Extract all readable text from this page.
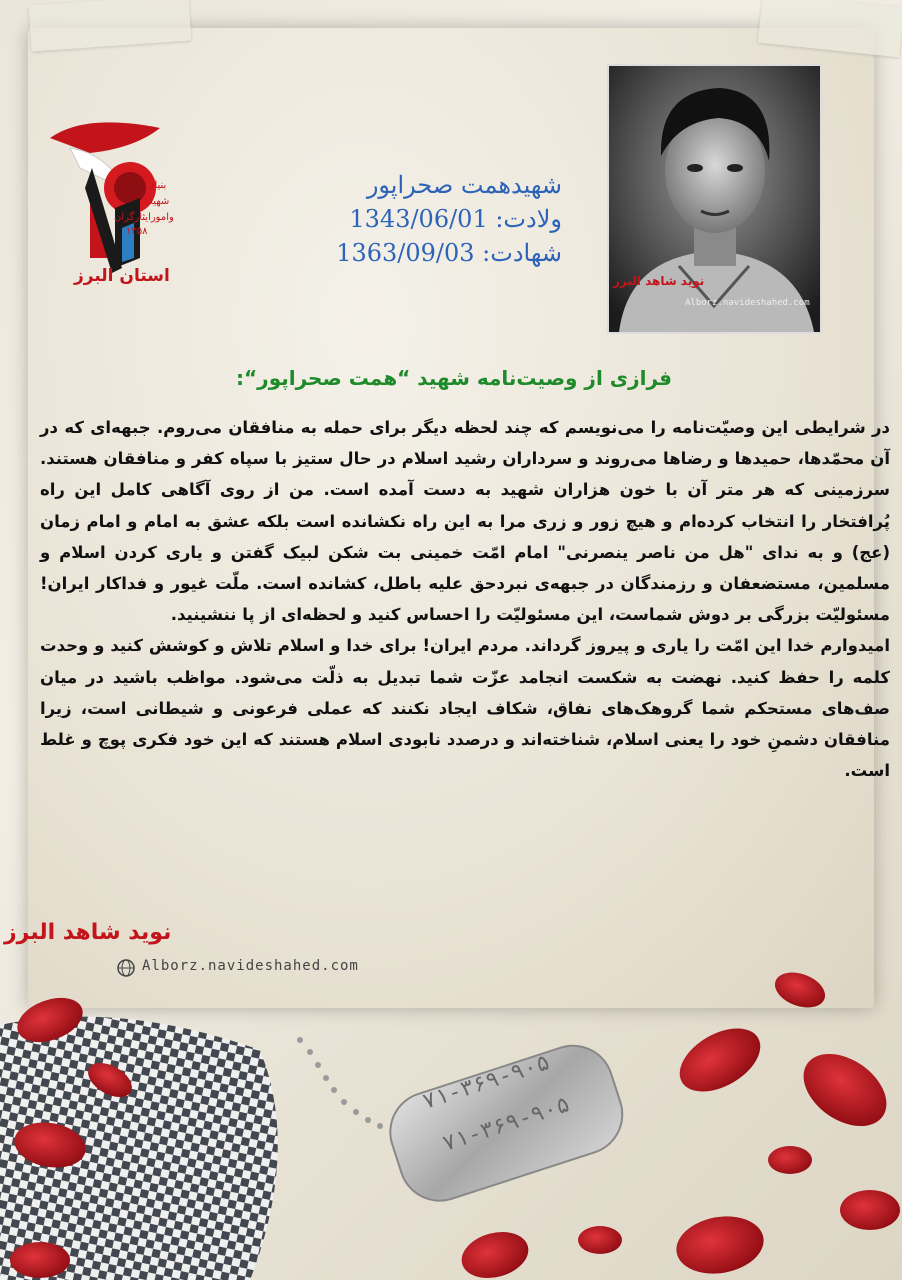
بنیاد
شهید
وامورایثارگران
۱۳۵۸
استان البرز	نوید شاهد البرز
Alborz.navideshahed.com
شهیدهمت صحراپور
ولادت: 1343/06/01
شهادت: 1363/09/03
فرازی از وصیت‌نامه شهید “همت صحراپور“:

در شرایطی این وصیّت‌نامه را می‌نویسم که چند لحظه دیگر برای حمله به منافقان می‌روم. جبهه‌ای که در آن محمّدها، حمیدها و رضاها می‌روند و سرداران رشید اسلام در حال ستیز با سپاه کفر و منافقان هستند. سرزمینی که هر متر آن با خون هزاران شهید به دست آمده است. من از روی آگاهی کامل این راه پُرافتخار را انتخاب کرده‌ام و هیچ زور و زری مرا به این راه نکشانده است بلکه عشق به امام و امام زمان (عج) و به ندای "هل من ناصر ینصرنی" امام امّت خمینی بت شکن لبیک گفتن و یاری کردن اسلام و مسلمین، مستضعفان و رزمندگان در جبهه‌ی نبردحق علیه باطل، کشانده است. ملّت غیور و فداکار ایران! مسئولیّت بزرگی بر دوش شماست، این مسئولیّت را احساس کنید و لحظه‌ای از پا ننشینید.

امیدوارم خدا این امّت را یاری و پیروز گرداند. مردم ایران! برای خدا و اسلام تلاش و کوشش کنید و وحدت کلمه را حفظ کنید. نهضت به شکست انجامد عزّت شما تبدیل به ذلّت می‌شود. مواظب باشید در میان صف‌های مستحکم شما گروهک‌های نفاق، شکاف ایجاد نکنند که عملی فرعونی و شیطانی است، زیرا منافقان دشمنِ خود را یعنی اسلام، شناخته‌اند و درصدد نابودی اسلام هستند که این خود فکری پوچ و غلط است.

۷۱-۳۶۹-۹۰۵
۷۱-۳۶۹-۹۰۵
نوید شاهد البرز
Alborz.navideshahed.com
